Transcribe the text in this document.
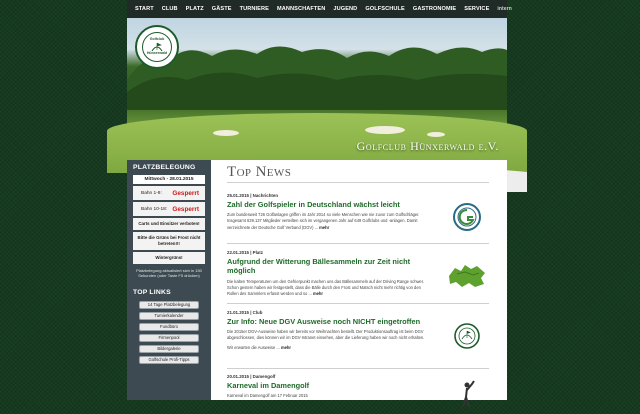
START CLUB PLATZ GÄSTE TURNIERE MANNSCHAFTEN JUGEND GOLFSCHULE GASTRONOMIE SERVICE intern
Golfclub
Hünxerwald
Golfclub Hünxerwald e.V.
PLATZBELEGUNG
Mittwoch - 28.01.2015
Bahn 1-9: Gesperrt
Bahn 10-18: Gesperrt
Carts und Einsitzer verboten!
Bitte die Grüns bei Frost nicht betreten!!!
Wintergrüns!
Platzbelegung aktualisiert sich in 150 Sekunden (oder Taste F5 drücken)
TOP LINKS
14 Tage Platzbelegung
Turnierkalender
Fundbüro
Firmenpool
Bildergalerie
Golfschule Profi-Tipps
Top News
25.01.2015 | Nachrichten
Zahl der Golfspieler in Deutschland wächst leicht
Zum bundesweit 726 Golfanlagen griffen im Jahr 2014 so viele Menschen wie nie zuvor zum Golfschläger. Insgesamt 639.137 Mitglieder verteilten sich im vergangenen Jahr auf 649 Golfclubs und -anlagen. Damit verzeichnete der Deutsche Golf Verband (DGV) ... mehr
22.01.2015 | Platz
Aufgrund der Witterung Bällesammeln zur Zeit nicht möglich
Die kalten Temperaturen um den Gefrierpunkt machen uns das Bällesammeln auf der Driving Range schwer. Schon gestern haben wir festgestellt, dass die Bälle durch den Frost und Matsch nicht mehr richtig von den Rollen des Sammlers erfasst werden und so ... mehr
21.01.2015 | Club
Zur Info: Neue DGV Ausweise noch NICHT eingetroffen
Die 2015er DGV-Ausweise haben wir bereits vor Weihnachten bestellt. Der Produktionsauftrag ist beim DGV abgeschlossen, dies können wir im DGV-Intranet einsehen, aber die Lieferung haben wir noch nicht erhalten.
Wir erwarten die Ausweise ... mehr
20.01.2015 | Damengolf
Karneval im Damengolf
Karneval im Damengolf am 17 Februar 2015
